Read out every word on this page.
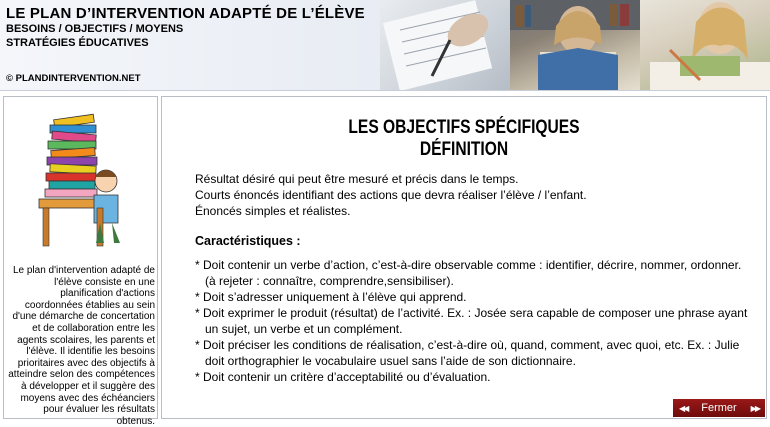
LE PLAN D’INTERVENTION ADAPTÉ DE L’ÉLÈVE
BESOINS / OBJECTIFS / MOYENS
STRATÉGIES ÉDUCATIVES
© PLANDINTERVENTION.NET
Le plan d'intervention adapté de l'élève consiste en une planification d'actions coordonnées établies au sein d'une démarche de concertation et de collaboration entre les agents scolaires, les parents et l'élève. Il identifie les besoins prioritaires avec des objectifs à atteindre selon des compétences à développer et il suggère des moyens avec des échéanciers pour évaluer les résultats obtenus.
LES OBJECTIFS SPÉCIFIQUES
DÉFINITION
Résultat désiré qui peut être mesuré et précis dans le temps.
Courts énoncés identifiant des actions que devra réaliser l’élève / l’enfant.
Énoncés simples et réalistes.
Caractéristiques :
* Doit contenir un verbe d’action, c’est-à-dire observable comme : identifier, décrire, nommer, ordonner. (à rejeter : connaître, comprendre,sensibiliser).
* Doit s’adresser uniquement à l’élève qui apprend.
* Doit exprimer le produit (résultat) de l’activité. Ex. : Josée sera capable de composer une phrase ayant un sujet, un verbe et un complément.
* Doit préciser les conditions de réalisation, c’est-à-dire où, quand, comment, avec quoi, etc. Ex. : Julie doit orthographier le vocabulaire usuel sans l’aide de son dictionnaire.
* Doit contenir un critère d’acceptabilité ou d’évaluation.
◀◀ Fermer ▶▶
